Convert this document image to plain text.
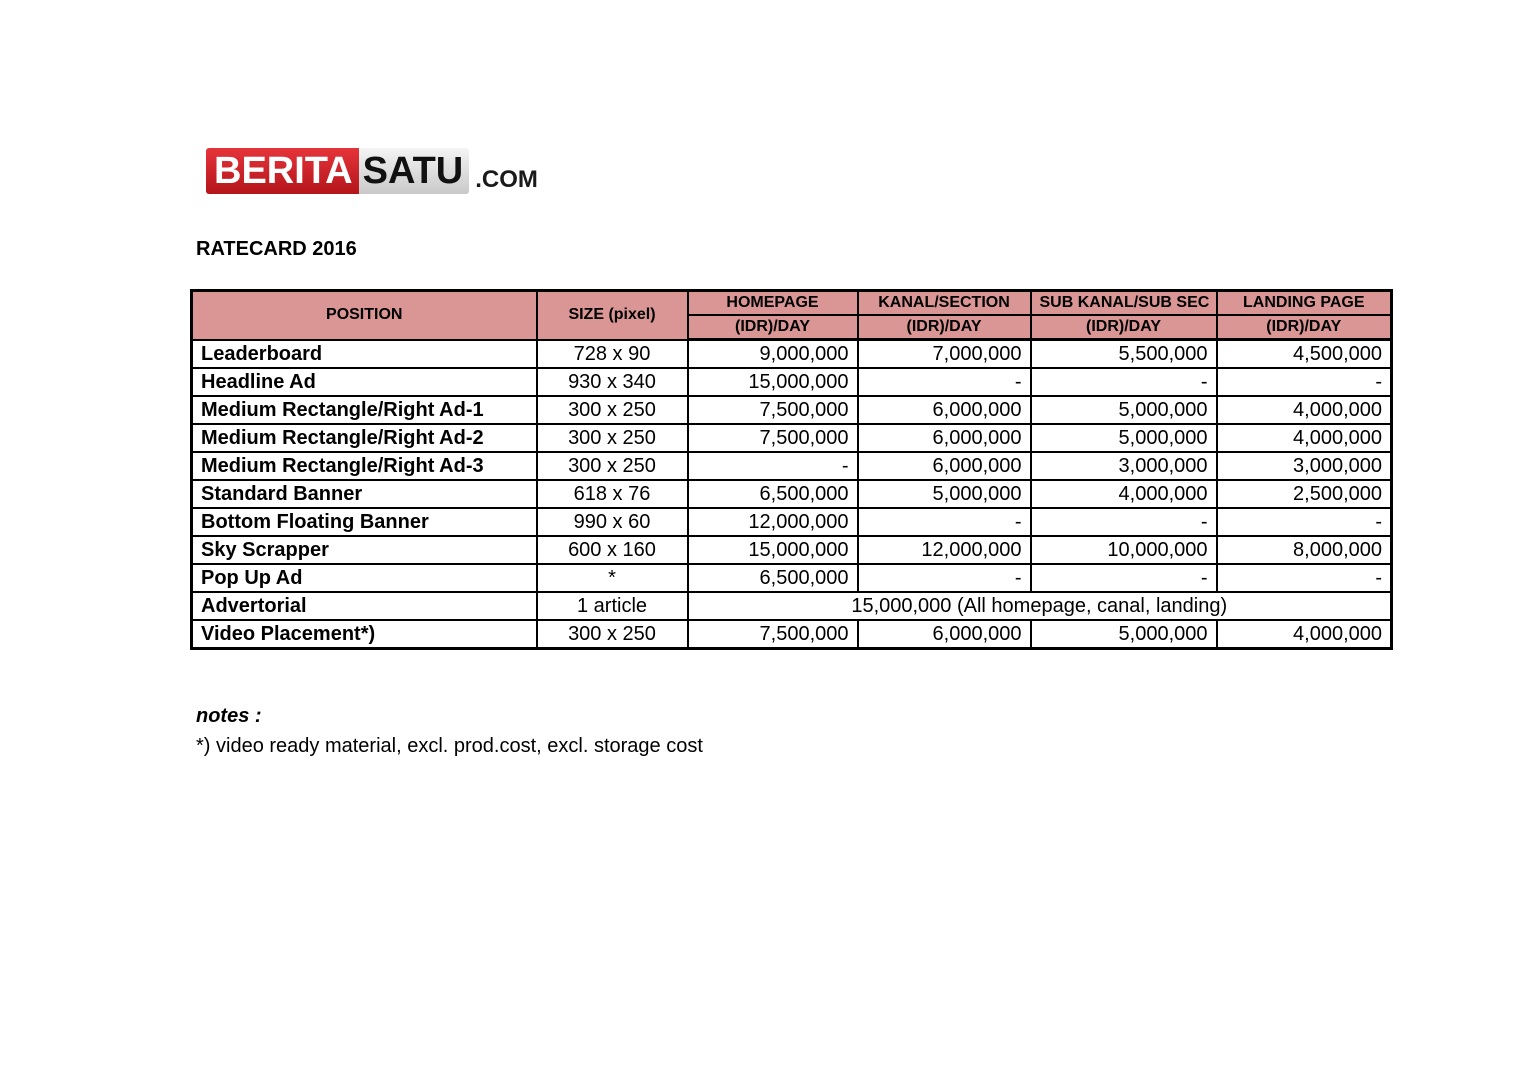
BERITA SATU .COM
RATECARD 2016
POSITION	SIZE (pixel)	HOMEPAGE	KANAL/SECTION	SUB KANAL/SUB SEC	LANDING PAGE
		(IDR)/DAY	(IDR)/DAY	(IDR)/DAY	(IDR)/DAY
Leaderboard	728 x 90	9,000,000	7,000,000	5,500,000	4,500,000
Headline Ad	930 x 340	15,000,000	-	-	-
Medium Rectangle/Right Ad-1	300 x 250	7,500,000	6,000,000	5,000,000	4,000,000
Medium Rectangle/Right Ad-2	300 x 250	7,500,000	6,000,000	5,000,000	4,000,000
Medium Rectangle/Right Ad-3	300 x 250	-	6,000,000	3,000,000	3,000,000
Standard Banner	618 x 76	6,500,000	5,000,000	4,000,000	2,500,000
Bottom Floating Banner	990 x 60	12,000,000	-	-	-
Sky Scrapper	600 x 160	15,000,000	12,000,000	10,000,000	8,000,000
Pop Up Ad	*	6,500,000	-	-	-
Advertorial	1 article	15,000,000 (All homepage, canal, landing)			
Video Placement*)	300 x 250	7,500,000	6,000,000	5,000,000	4,000,000
notes :
*) video ready material, excl. prod.cost, excl. storage cost
